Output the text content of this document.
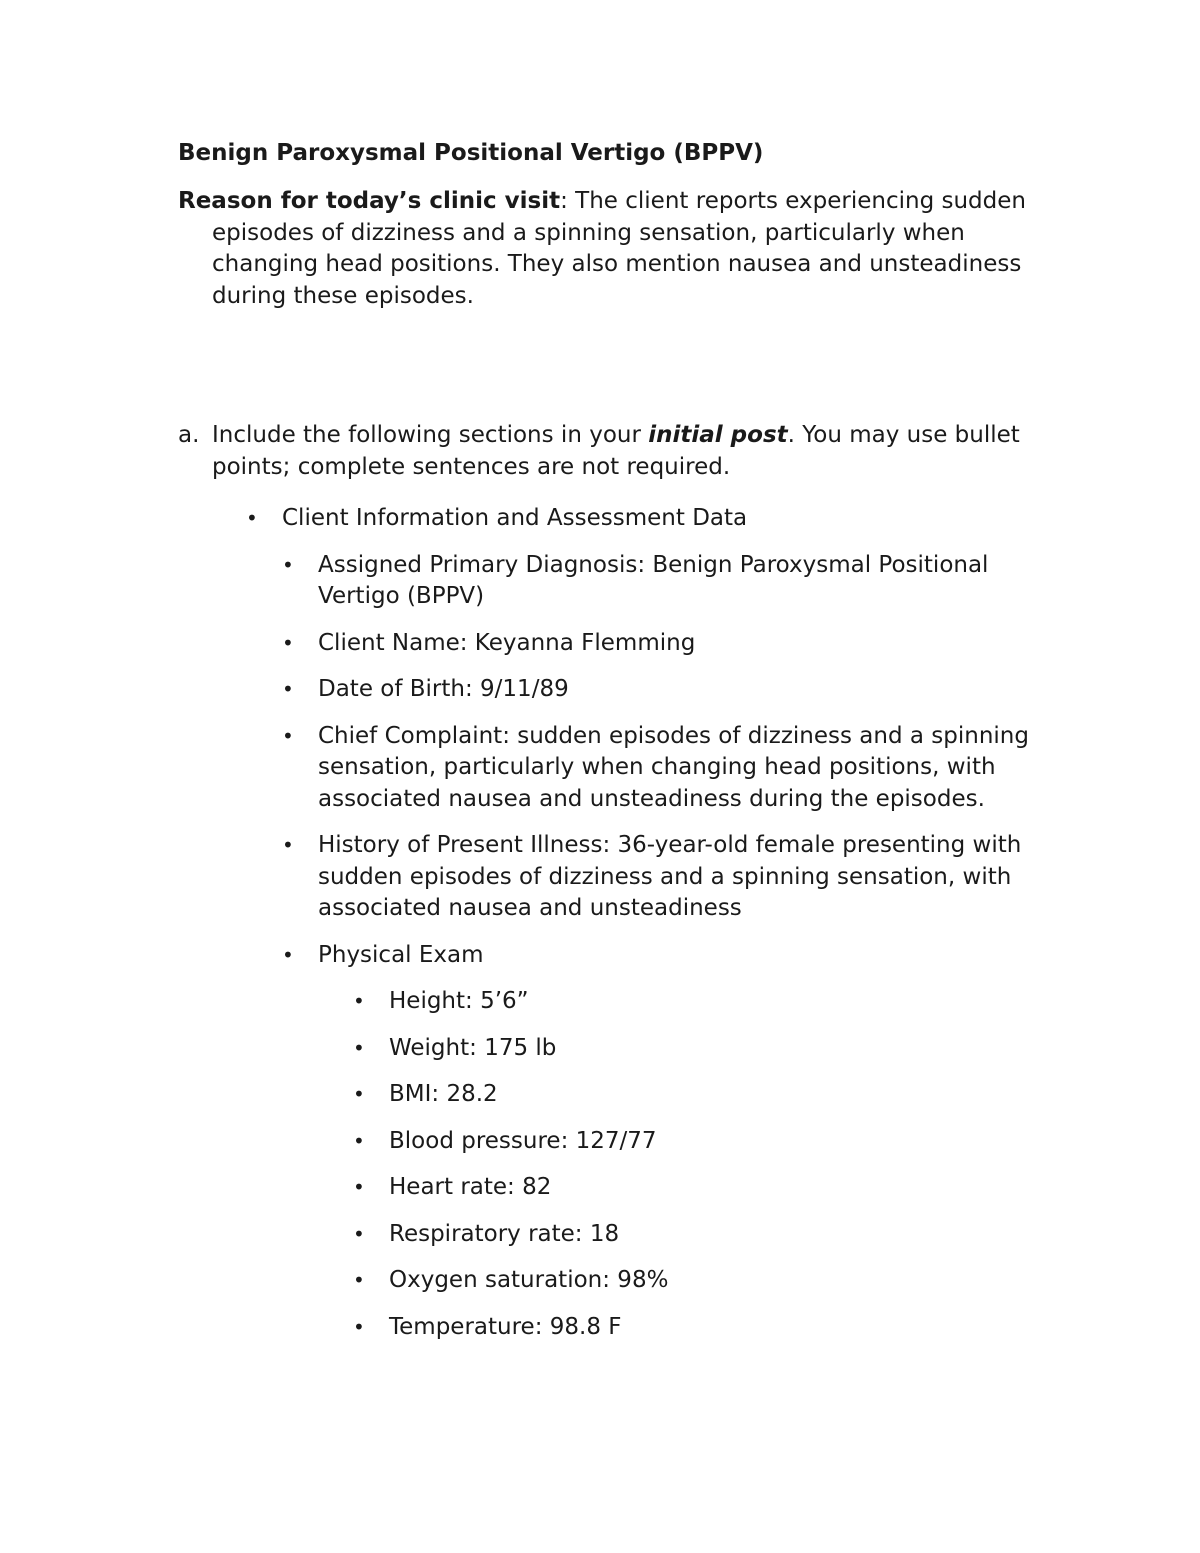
Benign Paroxysmal Positional Vertigo (BPPV)

Reason for today’s clinic visit: The client reports experiencing sudden episodes of dizziness and a spinning sensation, particularly when changing head positions. They also mention nausea and unsteadiness during these episodes.

a. Include the following sections in your initial post. You may use bullet points; complete sentences are not required.
• Client Information and Assessment Data
• Assigned Primary Diagnosis: Benign Paroxysmal Positional Vertigo (BPPV)
• Client Name: Keyanna Flemming
• Date of Birth: 9/11/89
• Chief Complaint: sudden episodes of dizziness and a spinning sensation, particularly when changing head positions, with associated nausea and unsteadiness during the episodes.
• History of Present Illness: 36-year-old female presenting with sudden episodes of dizziness and a spinning sensation, with associated nausea and unsteadiness
• Physical Exam
• Height: 5’6”
• Weight: 175 lb
• BMI: 28.2
• Blood pressure: 127/77
• Heart rate: 82
• Respiratory rate: 18
• Oxygen saturation: 98%
• Temperature: 98.8 F
